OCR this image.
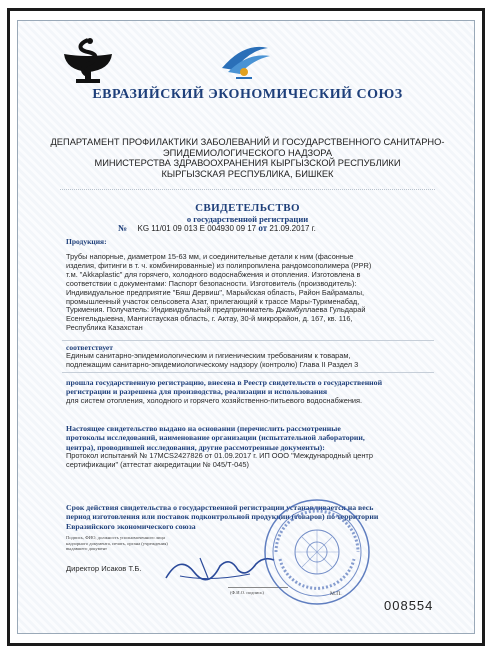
ЕВРАЗИЙСКИЙ ЭКОНОМИЧЕСКИЙ СОЮЗ
ДЕПАРТАМЕНТ ПРОФИЛАКТИКИ ЗАБОЛЕВАНИЙ И ГОСУДАРСТВЕННОГО САНИТАРНО-
ЭПИДЕМИОЛОГИЧЕСКОГО НАДЗОРА
МИНИСТЕРСТВА ЗДРАВООХРАНЕНИЯ КЫРГЫЗСКОЙ РЕСПУБЛИКИ
КЫРГЫЗСКАЯ РЕСПУБЛИКА, БИШКЕК
СВИДЕТЕЛЬСТВО
о государственной регистрации
№ KG 11/01 09 013 E 004930 09 17 от 21.09.2017 г.
Продукция:
Трубы напорные, диаметром 15-63 мм, и соединительные детали к ним (фасонные
изделия, фитинги в т. ч. комбинированные) из полипропилена рандомсополимера (PPR)
т.м. "Akkaplastic" для горячего, холодного водоснабжения и отопления. Изготовлена в
соответствии с документами: Паспорт безопасности. Изготовитель (производитель):
Индивидуальное предприятие "Бяш Дервиш", Марыйская область, Район Байрамалы,
промышленный участок сельсовета Азат, прилегающий к трассе Мары-Туркменабад,
Туркмения. Получатель: Индивидуальный предприниматель Джамбуллаева Гульдарай
Есенгельдыевна, Мангистауская область, г. Актау, 30-й микрорайон, д. 167, кв. 116,
Республика Казахстан
соответствует
Единым санитарно-эпидемиологическим и гигиеническим требованиям к товарам,
подлежащим санитарно-эпидемиологическому надзору (контролю) Глава II Раздел 3
прошла государственную регистрацию, внесена в Реестр свидетельств о государственной
регистрации и разрешена для производства, реализации и использования
для систем отопления, холодного и горячего хозяйственно-питьевого водоснабжения.
Настоящее свидетельство выдано на основании (перечислить рассмотренные
протоколы исследований, наименование организации (испытательной лаборатории,
центра), проводившей исследования, другие рассмотренные документы):
Протокол испытаний № 17MCS2427826 от 01.09.2017 г. ИП ООО "Международный центр
сертификации" (аттестат аккредитации № 045/Т-045)
Срок действия свидетельства о государственной регистрации устанавливается на весь
период изготовления или поставок подконтрольной продукции (товаров) по территории
Евразийского экономического союза
Подпись, ФИО, должность уполномоченного лица
надзорного документа, печать, органа (учреждения)
выдавшего документ
Директор Исаков Т.Б.
(Ф.И.О. подпись)	М.П.
008554
